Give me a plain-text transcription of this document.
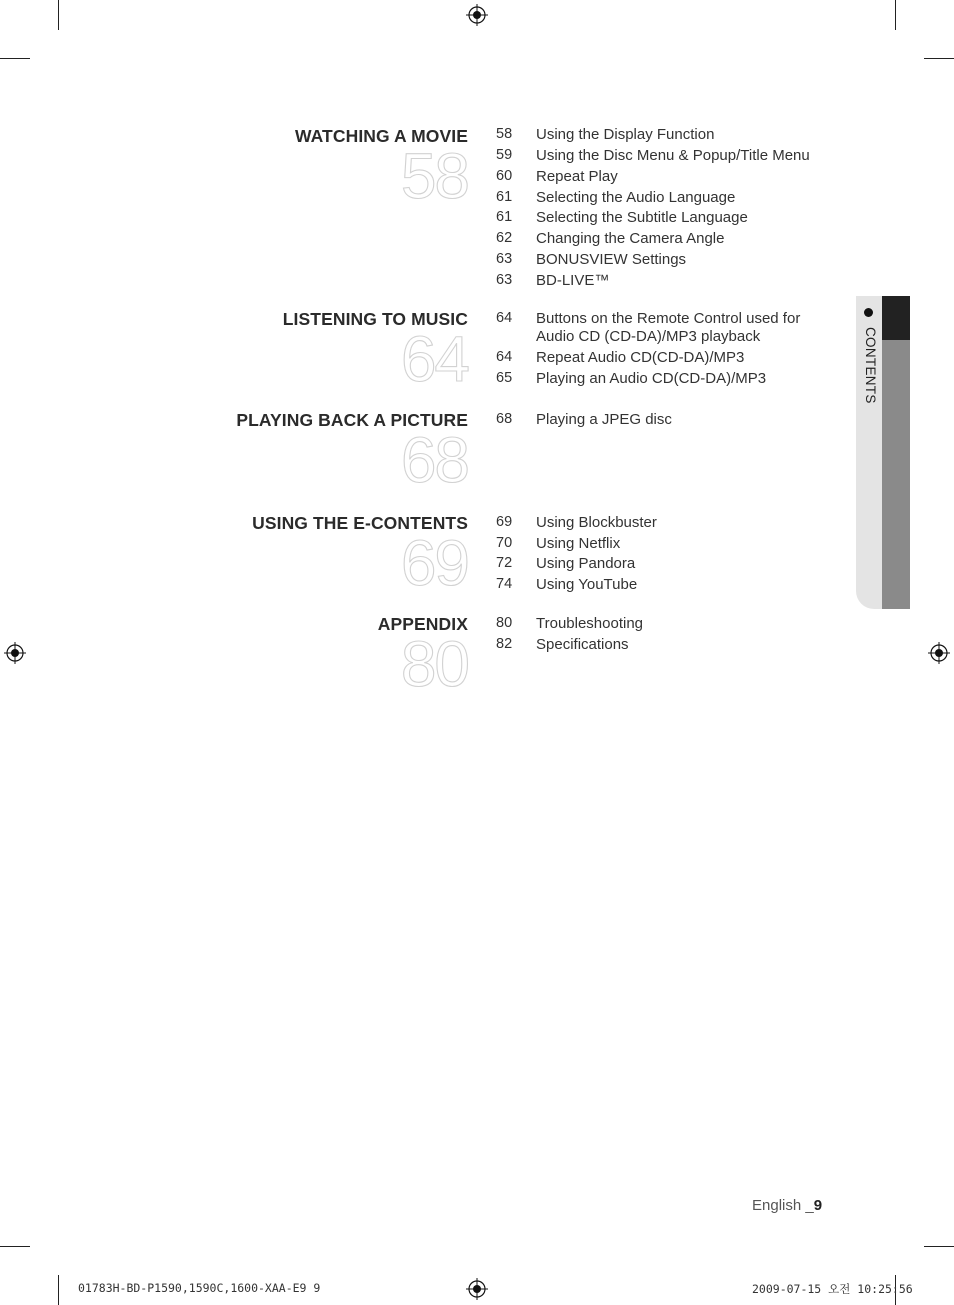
WATCHING A MOVIE
58
58 Using the Display Function
59 Using the Disc Menu & Popup/Title Menu
60 Repeat Play
61 Selecting the Audio Language
61 Selecting the Subtitle Language
62 Changing the Camera Angle
63 BONUSVIEW Settings
63 BD-LIVE™
LISTENING TO MUSIC
64
64 Buttons on the Remote Control used for Audio CD (CD-DA)/MP3 playback
64 Repeat Audio CD(CD-DA)/MP3
65 Playing an Audio CD(CD-DA)/MP3
PLAYING BACK A PICTURE
68
68 Playing a JPEG disc
USING THE E-CONTENTS
69
69 Using Blockbuster
70 Using Netflix
72 Using Pandora
74 Using YouTube
APPENDIX
80
80 Troubleshooting
82 Specifications
CONTENTS
English _9
01783H-BD-P1590,1590C,1600-XAA-E9 9	2009-07-15 오전 10:25:56
